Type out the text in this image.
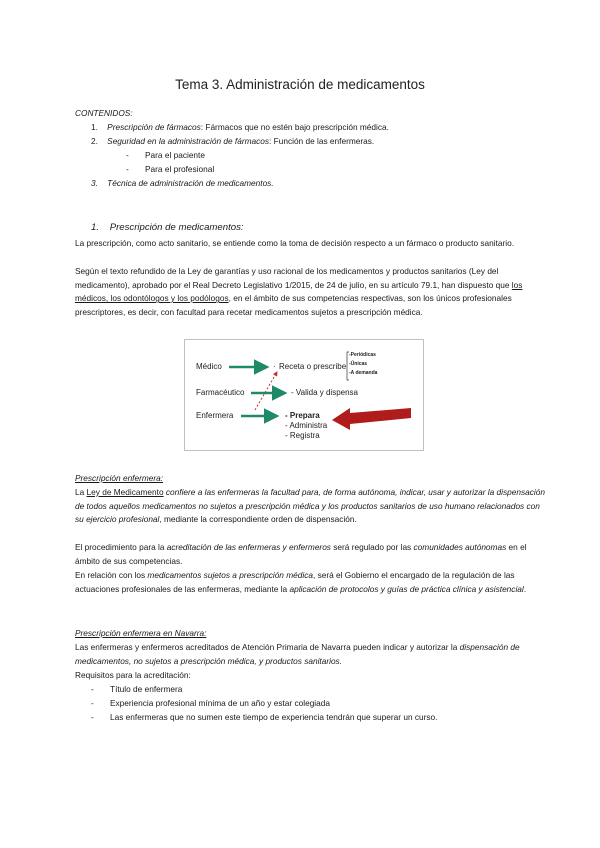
Tema 3. Administración de medicamentos
CONTENIDOS:
1. Prescripción de fármacos: Fármacos que no estén bajo prescripción médica.
2. Seguridad en la administración de fármacos: Función de las enfermeras.
- Para el paciente
- Para el profesional
3. Técnica de administración de medicamentos.
1. Prescripción de medicamentos:
La prescripción, como acto sanitario, se entiende como la toma de decisión respecto a un fármaco o producto sanitario.
Según el texto refundido de la Ley de garantías y uso racional de los medicamentos y productos sanitarios (Ley del medicamento), aprobado por el Real Decreto Legislativo 1/2015, de 24 de julio, en su artículo 79.1, han dispuesto que los médicos, los odontólogos y los podólogos, en el ámbito de sus competencias respectivas, son los únicos profesionales prescriptores, es decir, con facultad para recetar medicamentos sujetos a prescripción médica.
Médico	· Receta o prescribe
-Periódicas
-Únicas
-A demanda
Farmacéutico	- Valida y dispensa
Enfermera	- Prepara
- Administra
- Registra
Prescripción enfermera:
La Ley de Medicamento confiere a las enfermeras la facultad para, de forma autónoma, indicar, usar y autorizar la dispensación de todos aquellos medicamentos no sujetos a prescripción médica y los productos sanitarios de uso humano relacionados con su ejercicio profesional, mediante la correspondiente orden de dispensación.
El procedimiento para la acreditación de las enfermeras y enfermeros será regulado por las comunidades autónomas en el ámbito de sus competencias.
En relación con los medicamentos sujetos a prescripción médica, será el Gobierno el encargado de la regulación de las actuaciones profesionales de las enfermeras, mediante la aplicación de protocolos y guías de práctica clínica y asistencial.
Prescripción enfermera en Navarra:
Las enfermeras y enfermeros acreditados de Atención Primaria de Navarra pueden indicar y autorizar la dispensación de medicamentos, no sujetos a prescripción médica, y productos sanitarios.
Requisitos para la acreditación:
- Título de enfermera
- Experiencia profesional mínima de un año y estar colegiada
- Las enfermeras que no sumen este tiempo de experiencia tendrán que superar un curso.
